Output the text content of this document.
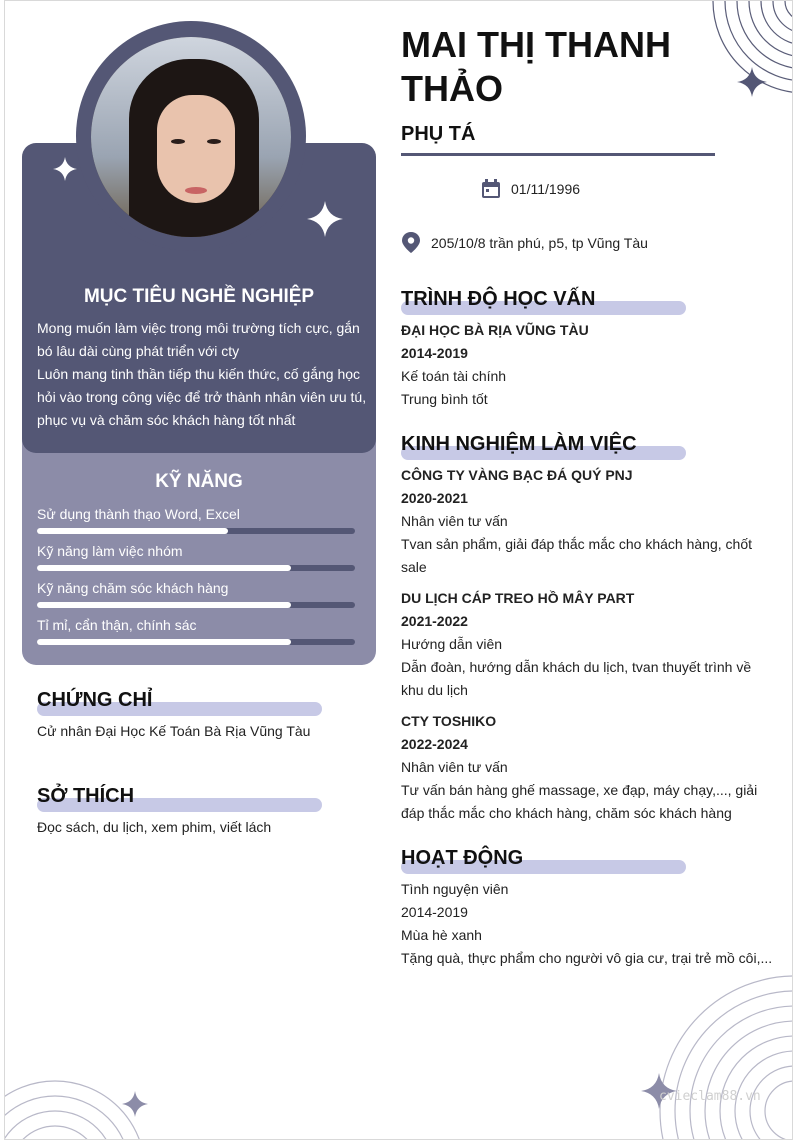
MỤC TIÊU NGHỀ NGHIỆP
Mong muốn làm việc trong môi trường tích cực, gắn
bó lâu dài cùng phát triển với cty
Luôn mang tinh thần tiếp thu kiến thức, cố gắng học
hỏi vào trong công việc để trở thành nhân viên ưu tú,
phục vụ và chăm sóc khách hàng tốt nhất
KỸ NĂNG
Sử dụng thành thạo Word, Excel
Kỹ năng làm việc nhóm
Kỹ năng chăm sóc khách hàng
Tỉ mỉ, cẩn thận, chính sác
CHỨNG CHỈ
Cử nhân Đại Học Kế Toán Bà Rịa Vũng Tàu
SỞ THÍCH
Đọc sách, du lịch, xem phim, viết lách
MAI THỊ THANH
THẢO
PHỤ TÁ
01/11/1996
205/10/8 trần phú, p5, tp Vũng Tàu
TRÌNH ĐỘ HỌC VẤN
ĐẠI HỌC BÀ RỊA VŨNG TÀU
2014-2019
Kế toán tài chính
Trung bình tốt
KINH NGHIỆM LÀM VIỆC
CÔNG TY VÀNG BẠC ĐÁ QUÝ PNJ
2020-2021
Nhân viên tư vấn
Tvan sản phẩm, giải đáp thắc mắc cho khách hàng, chốt
sale
DU LỊCH CÁP TREO HỒ MÂY PART
2021-2022
Hướng dẫn viên
Dẫn đoàn, hướng dẫn khách du lịch, tvan thuyết trình về
khu du lịch
CTY TOSHIKO
2022-2024
Nhân viên tư vấn
Tư vấn bán hàng ghế massage, xe đạp, máy chạy,..., giải
đáp thắc mắc cho khách hàng, chăm sóc khách hàng
HOẠT ĐỘNG
Tình nguyện viên
2014-2019
Mùa hè xanh
Tặng quà, thực phẩm cho người vô gia cư, trại trẻ mồ côi,...
cvieclam88.vn
